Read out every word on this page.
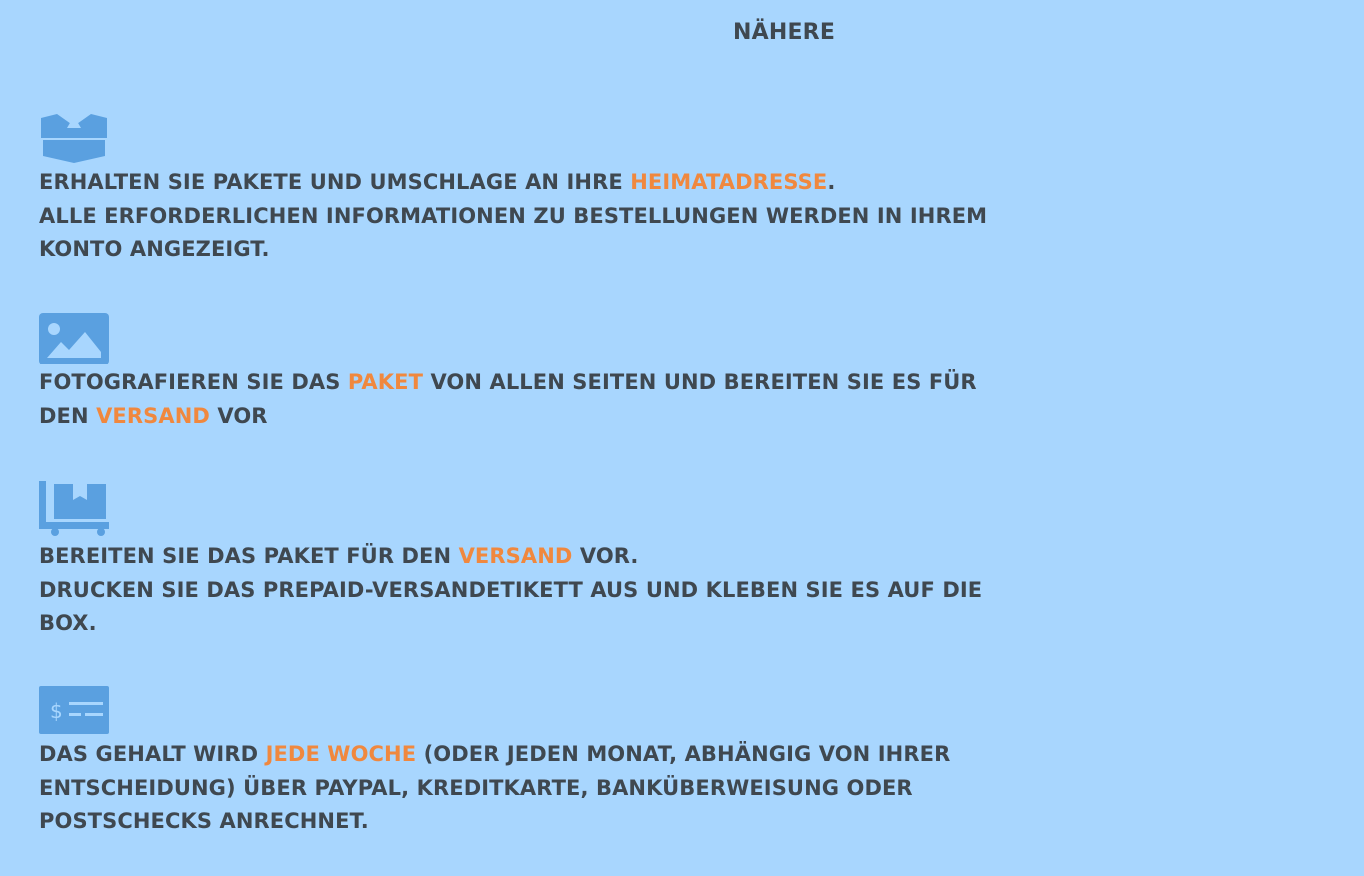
NÄHERE
ERHALTEN SIE PAKETE UND UMSCHLAGE AN IHRE HEIMATADRESSE.
ALLE ERFORDERLICHEN INFORMATIONEN ZU BESTELLUNGEN WERDEN IN IHREM
KONTO ANGEZEIGT.
FOTOGRAFIEREN SIE DAS PAKET VON ALLEN SEITEN UND BEREITEN SIE ES FÜR
DEN VERSAND VOR
BEREITEN SIE DAS PAKET FÜR DEN VERSAND VOR.
DRUCKEN SIE DAS PREPAID-VERSANDETIKETT AUS UND KLEBEN SIE ES AUF DIE
BOX.
$
DAS GEHALT WIRD JEDE WOCHE (ODER JEDEN MONAT, ABHÄNGIG VON IHRER
ENTSCHEIDUNG) ÜBER PAYPAL, KREDITKARTE, BANKÜBERWEISUNG ODER
POSTSCHECKS ANRECHNET.
